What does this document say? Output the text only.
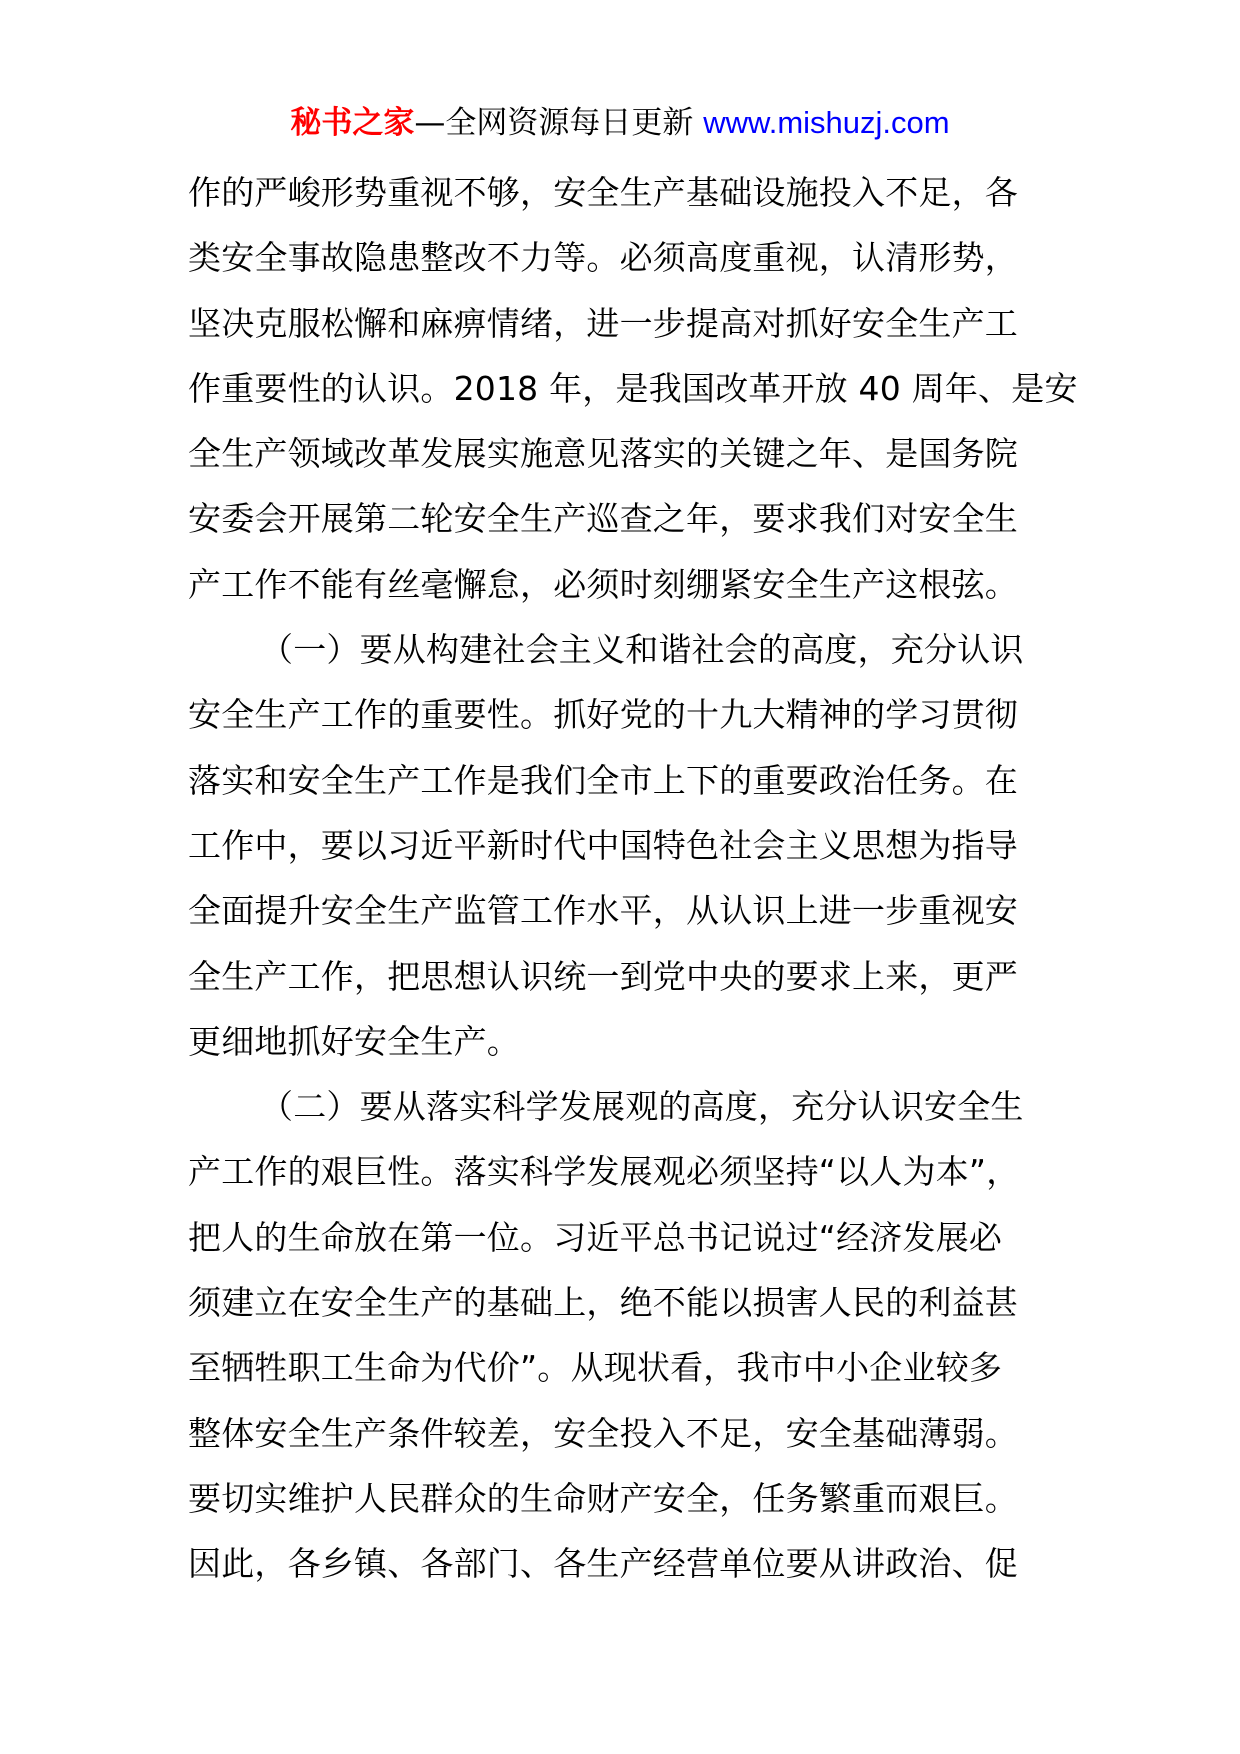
秘书之家—全网资源每日更新 www.mishuzj.com
作的严峻形势重视不够，安全生产基础设施投入不足，各
类安全事故隐患整改不力等。必须高度重视，认清形势，
坚决克服松懈和麻痹情绪，进一步提高对抓好安全生产工
作重要性的认识。2018 年，是我国改革开放 40 周年、是安
全生产领域改革发展实施意见落实的关键之年、是国务院
安委会开展第二轮安全生产巡查之年，要求我们对安全生
产工作不能有丝毫懈怠，必须时刻绷紧安全生产这根弦。
（一）要从构建社会主义和谐社会的高度，充分认识
安全生产工作的重要性。抓好党的十九大精神的学习贯彻
落实和安全生产工作是我们全市上下的重要政治任务。在
工作中，要以习近平新时代中国特色社会主义思想为指导
全面提升安全生产监管工作水平，从认识上进一步重视安
全生产工作，把思想认识统一到党中央的要求上来，更严
更细地抓好安全生产。
（二）要从落实科学发展观的高度，充分认识安全生
产工作的艰巨性。落实科学发展观必须坚持“以人为本”，
把人的生命放在第一位。习近平总书记说过“经济发展必
须建立在安全生产的基础上，绝不能以损害人民的利益甚
至牺牲职工生命为代价”。从现状看，我市中小企业较多
整体安全生产条件较差，安全投入不足，安全基础薄弱。
要切实维护人民群众的生命财产安全，任务繁重而艰巨。
因此，各乡镇、各部门、各生产经营单位要从讲政治、促
